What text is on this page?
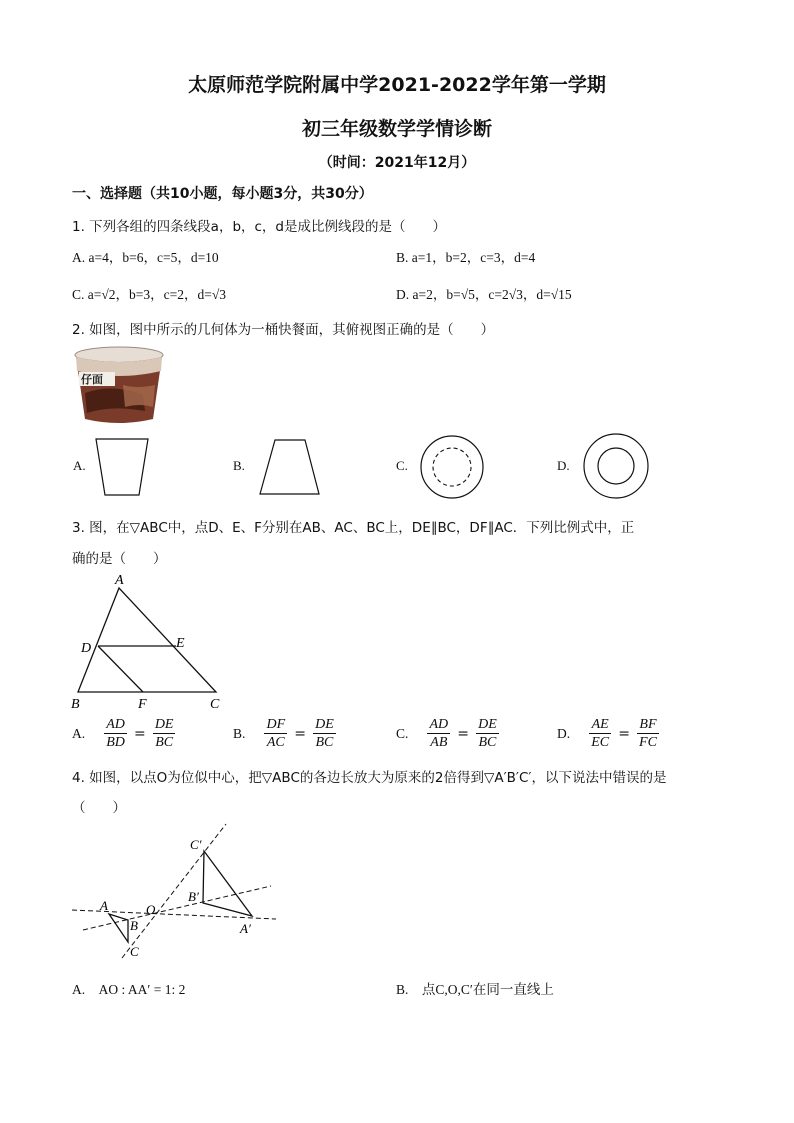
太原师范学院附属中学2021-2022学年第一学期
初三年级数学学情诊断
（时间：2021年12月）
一、选择题（共10小题，每小题3分，共30分）
1. 下列各组的四条线段a，b，c，d是成比例线段的是（　　）
A. a=4，b=6，c=5，d=10	B. a=1，b=2，c=3，d=4
C. a=√2，b=3，c=2，d=√3	D. a=2，b=√5，c=2√3，d=√15
2. 如图，图中所示的几何体为一桶快餐面，其俯视图正确的是（　　）
仔面
A.	B.	C.	D.
3. 图，在▽ABC中，点D、E、F分别在AB、AC、BC上，DE∥BC，DF∥AC．下列比例式中，正
确的是（　　）
A
D	E
B	F	C
A. $\frac{AD}{BD} = \frac{DE}{BC}$	B. $\frac{DF}{AC} = \frac{DE}{BC}$	C. $\frac{AD}{AB} = \frac{DE}{BC}$	D. $\frac{AE}{EC} = \frac{BF}{FC}$
4. 如图，以点O为位似中心，把▽ABC的各边长放大为原来的2倍得到▽A′B′C′，以下说法中错误的是
（　　）
A
B
C
O
A′
B′
C′
A.　AO : AA′ = 1: 2	B.　点C,O,C′在同一直线上
